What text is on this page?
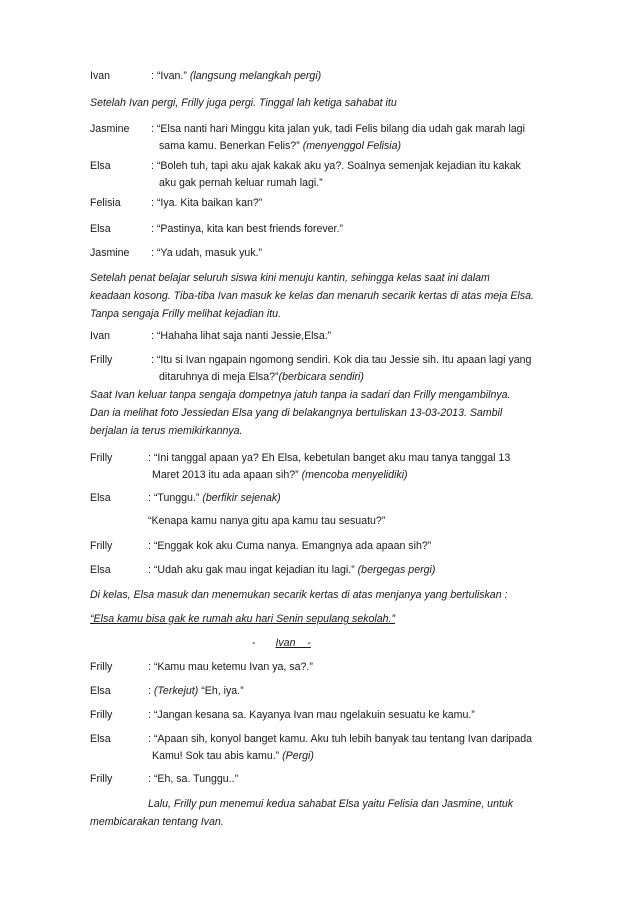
Ivan	: “Ivan.” (langsung melangkah pergi)
Setelah Ivan pergi, Frilly juga pergi. Tinggal lah ketiga sahabat itu
Jasmine : “Elsa nanti hari Minggu kita jalan yuk, tadi Felis bilang dia udah gak marah lagi
sama kamu. Benerkan Felis?” (menyenggol Felisia)
Elsa	: “Boleh tuh, tapi aku ajak kakak aku ya?. Soalnya semenjak kejadian itu kakak
aku gak pernah keluar rumah lagi.”
Felisia	: “Iya. Kita baikan kan?”
Elsa	: “Pastinya, kita kan best friends forever.”
Jasmine : “Ya udah, masuk yuk.”
Setelah penat belajar seluruh siswa kini menuju kantin, sehingga kelas saat ini dalam
keadaan kosong. Tiba-tiba Ivan masuk ke kelas dan menaruh secarik kertas di atas meja Elsa.
Tanpa sengaja Frilly melihat kejadian itu.
Ivan	: “Hahaha lihat saja nanti Jessie,Elsa.”
Frilly	: “Itu si Ivan ngapain ngomong sendiri. Kok dia tau Jessie sih. Itu apaan lagi yang
ditaruhnya di meja Elsa?”(berbicara sendiri)
Saat Ivan keluar tanpa sengaja dompetnya jatuh tanpa ia sadari dan Frilly mengambilnya.
Dan ia melihat foto Jessiedan Elsa yang di belakangnya bertuliskan 13-03-2013. Sambil
berjalan ia terus memikirkannya.
Frilly	: “Ini tanggal apaan ya? Eh Elsa, kebetulan banget aku mau tanya tanggal 13
Maret 2013 itu ada apaan sih?” (mencoba menyelidiki)
Elsa	: “Tunggu.” (berfikir sejenak)
“Kenapa kamu nanya gitu apa kamu tau sesuatu?”
Frilly	: “Enggak kok aku Cuma nanya. Emangnya ada apaan sih?”
Elsa	: “Udah aku gak mau ingat kejadian itu lagi.” (bergegas pergi)
Di kelas, Elsa masuk dan menemukan secarik kertas di atas menjanya yang bertuliskan :
“Elsa kamu bisa gak ke rumah aku hari Senin sepulang sekolah.”
- Ivan -
Frilly	: “Kamu mau ketemu Ivan ya, sa?.”
Elsa	: (Terkejut) “Eh, iya.”
Frilly	: “Jangan kesana sa. Kayanya Ivan mau ngelakuin sesuatu ke kamu.”
Elsa	: “Apaan sih, konyol banget kamu. Aku tuh lebih banyak tau tentang Ivan daripada
Kamu! Sok tau abis kamu.” (Pergi)
Frilly	: “Eh, sa. Tunggu..”
Lalu, Frilly pun menemui kedua sahabat Elsa yaitu Felisia dan Jasmine, untuk
membicarakan tentang Ivan.
